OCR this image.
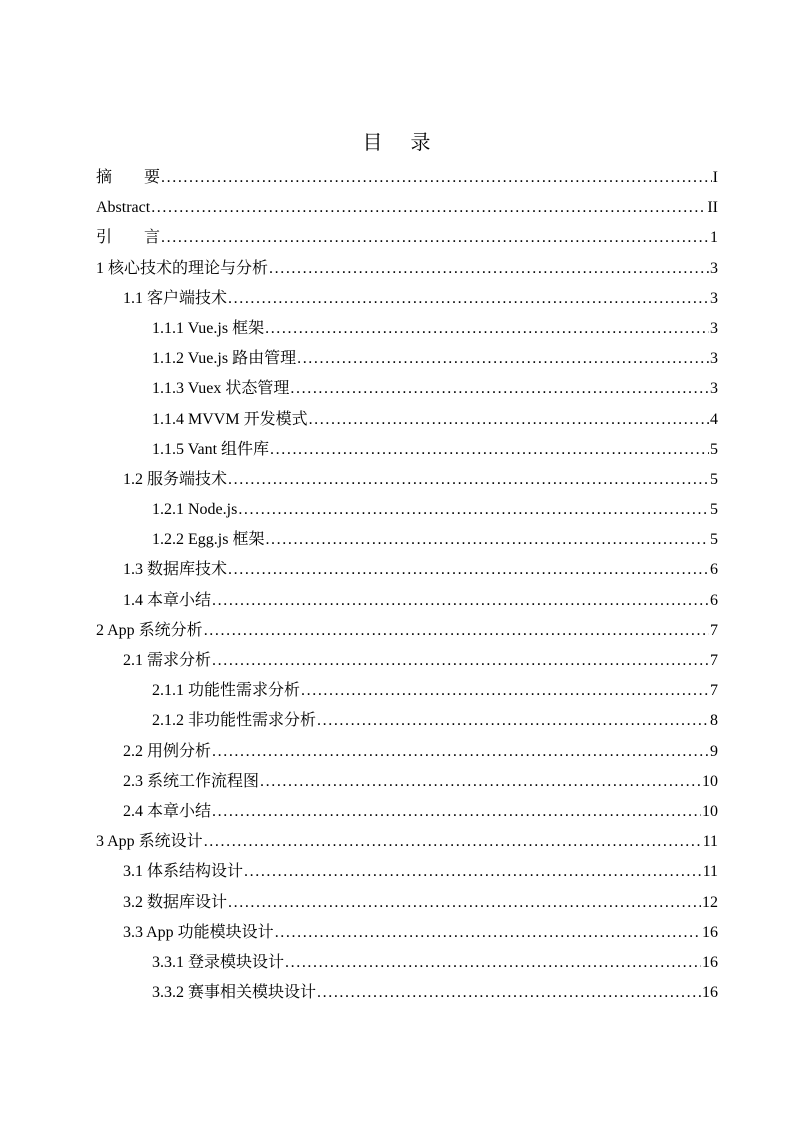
目 录
摘　　要 . . .	I
Abstract . . .	II
引　　言 . . .	1
1 核心技术的理论与分析 . . .	3
1.1 客户端技术 . . .	3
1.1.1 Vue.js 框架 . . .	3
1.1.2 Vue.js 路由管理 . . .	3
1.1.3 Vuex 状态管理 . . .	3
1.1.4 MVVM 开发模式 . . .	4
1.1.5 Vant 组件库 . . .	5
1.2 服务端技术 . . .	5
1.2.1 Node.js . . .	5
1.2.2 Egg.js 框架 . . .	5
1.3 数据库技术 . . .	6
1.4 本章小结 . . .	6
2 App 系统分析 . . .	7
2.1 需求分析 . . .	7
2.1.1 功能性需求分析 . . .	7
2.1.2 非功能性需求分析 . . .	8
2.2 用例分析 . . .	9
2.3 系统工作流程图 . . .	10
2.4 本章小结 . . .	10
3 App 系统设计 . . .	11
3.1 体系结构设计 . . .	11
3.2 数据库设计 . . .	12
3.3 App 功能模块设计 . . .	16
3.3.1 登录模块设计 . . .	16
3.3.2 赛事相关模块设计 . . .	16
